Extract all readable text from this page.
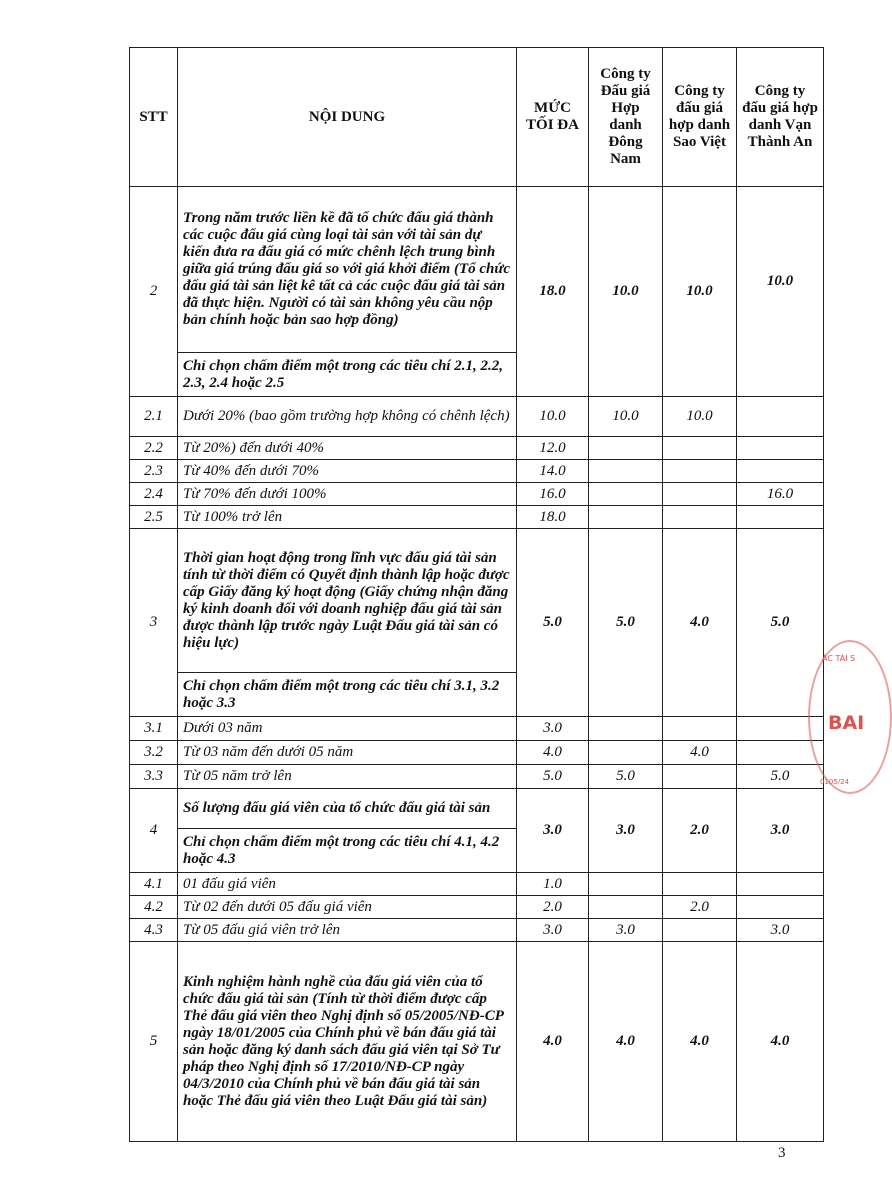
STT	NỘI DUNG	MỨC TỐI ĐA	Công ty Đấu giá Hợp danh Đông Nam	Công ty đấu giá hợp danh Sao Việt	Công ty đấu giá hợp danh Vạn Thành An
2	Trong năm trước liền kề đã tổ chức đấu giá thành các cuộc đấu giá cùng loại tài sản với tài sản dự kiến đưa ra đấu giá có mức chênh lệch trung bình giữa giá trúng đấu giá so với giá khởi điểm (Tổ chức đấu giá tài sản liệt kê tất cả các cuộc đấu giá tài sản đã thực hiện. Người có tài sản không yêu cầu nộp bản chính hoặc bản sao hợp đồng)	18.0	10.0	10.0	10.0
	Chỉ chọn chấm điểm một trong các tiêu chí 2.1, 2.2, 2.3, 2.4 hoặc 2.5				
2.1	Dưới 20% (bao gồm trường hợp không có chênh lệch)	10.0	10.0	10.0	
2.2	Từ 20%) đến dưới 40%	12.0			
2.3	Từ 40% đến dưới 70%	14.0			
2.4	Từ 70% đến dưới 100%	16.0			16.0
2.5	Từ 100% trở lên	18.0			
3	Thời gian hoạt động trong lĩnh vực đấu giá tài sản tính từ thời điểm có Quyết định thành lập hoặc được cấp Giấy đăng ký hoạt động (Giấy chứng nhận đăng ký kinh doanh đối với doanh nghiệp đấu giá tài sản được thành lập trước ngày Luật Đấu giá tài sản có hiệu lực)	5.0	5.0	4.0	5.0
	Chỉ chọn chấm điểm một trong các tiêu chí 3.1, 3.2 hoặc 3.3				
3.1	Dưới 03 năm	3.0			
3.2	Từ 03 năm đến dưới 05 năm	4.0		4.0	
3.3	Từ 05 năm trở lên	5.0	5.0		5.0
4	Số lượng đấu giá viên của tổ chức đấu giá tài sản	3.0	3.0	2.0	3.0
	Chỉ chọn chấm điểm một trong các tiêu chí 4.1, 4.2 hoặc 4.3				
4.1	01 đấu giá viên	1.0			
4.2	Từ 02 đến dưới 05 đấu giá viên	2.0		2.0	
4.3	Từ 05 đấu giá viên trở lên	3.0	3.0		3.0
5	Kinh nghiệm hành nghề của đấu giá viên của tổ chức đấu giá tài sản (Tính từ thời điểm được cấp Thẻ đấu giá viên theo Nghị định số 05/2005/NĐ-CP ngày 18/01/2005 của Chính phủ về bán đấu giá tài sản hoặc đăng ký danh sách đấu giá viên tại Sở Tư pháp theo Nghị định số 17/2010/NĐ-CP ngày 04/3/2010 của Chính phủ về bán đấu giá tài sản hoặc Thẻ đấu giá viên theo Luật Đấu giá tài sản)	4.0	4.0	4.0	4.0
ÁC TÀI S
BAI
0105/24
3
